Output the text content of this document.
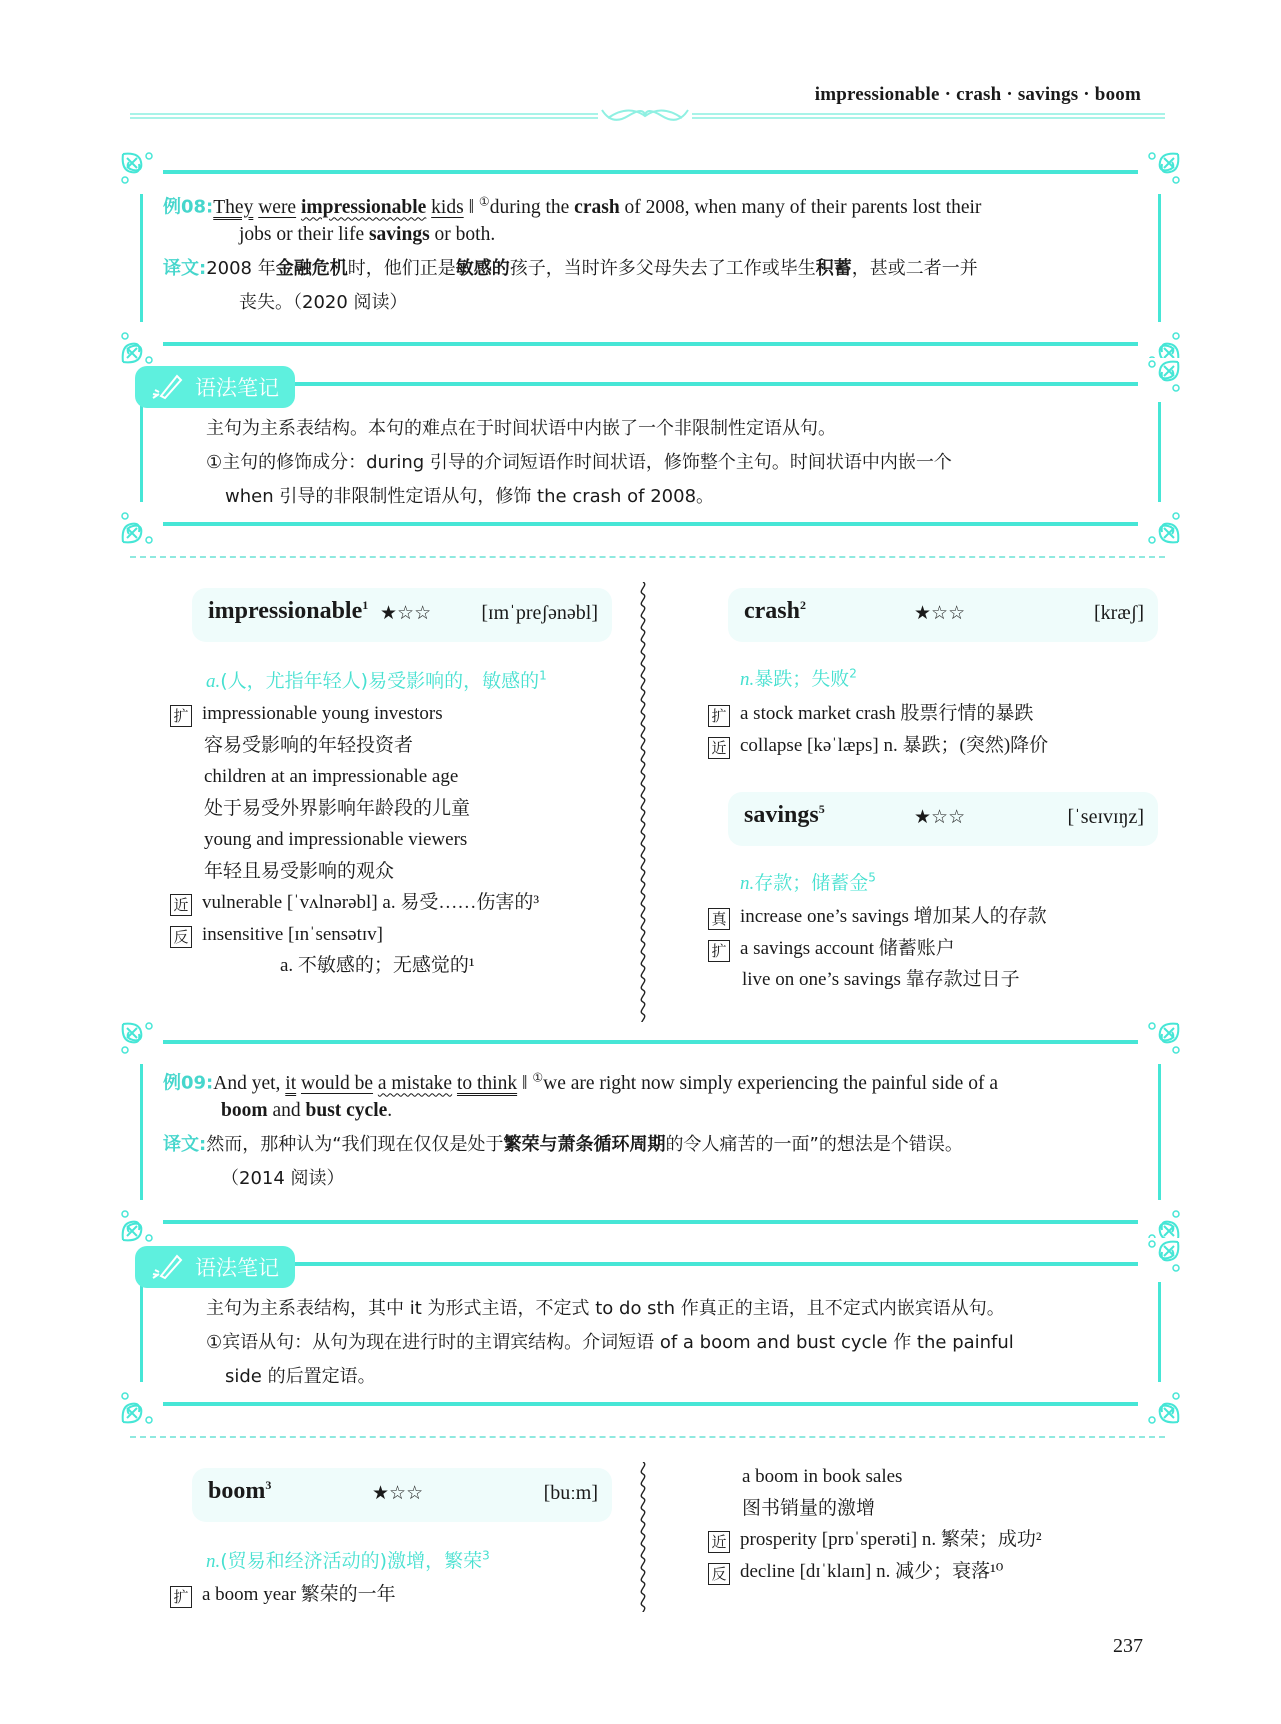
impressionable · crash · savings · boom
例08:They were impressionable kids ‖ ①during the crash of 2008, when many of their parents lost their
jobs or their life savings or both.
译文:2008 年金融危机时，他们正是敏感的孩子，当时许多父母失去了工作或毕生积蓄，甚或二者一并
丧失。（2020 阅读）
语法笔记
主句为主系表结构。本句的难点在于时间状语中内嵌了一个非限制性定语从句。
①主句的修饰成分：during 引导的介词短语作时间状语，修饰整个主句。时间状语中内嵌一个
when 引导的非限制性定语从句，修饰 the crash of 2008。
impressionable$^1$ ★☆☆	[ɪmˈpreʃənəbl]
a.(人，尤指年轻人)易受影响的，敏感的$^1$
扩 impressionable young investors
容易受影响的年轻投资者
children at an impressionable age
处于易受外界影响年龄段的儿童
young and impressionable viewers
年轻且易受影响的观众
近 vulnerable [ˈvʌlnərəbl] a. 易受……伤害的³
反 insensitive [ɪnˈsensətɪv]
a. 不敏感的；无感觉的¹
crash$^2$	★☆☆	[kræʃ]
n.暴跌；失败$^2$
扩 a stock market crash 股票行情的暴跌
近 collapse [kəˈlæps] n. 暴跌；(突然)降价
savings$^5$	★☆☆	[ˈseɪvɪŋz]
n.存款；储蓄金$^5$
真 increase one’s savings 增加某人的存款
扩 a savings account 储蓄账户
live on one’s savings 靠存款过日子
例09:And yet, it would be a mistake to think ‖ ①we are right now simply experiencing the painful side of a
boom and bust cycle.
译文:然而，那种认为“我们现在仅仅是处于繁荣与萧条循环周期的令人痛苦的一面”的想法是个错误。
（2014 阅读）
语法笔记
主句为主系表结构，其中 it 为形式主语，不定式 to do sth 作真正的主语，且不定式内嵌宾语从句。
①宾语从句：从句为现在进行时的主谓宾结构。介词短语 of a boom and bust cycle 作 the painful
side 的后置定语。
boom$^3$	★☆☆	[buːm]
n.(贸易和经济活动的)激增，繁荣$^3$
扩 a boom year 繁荣的一年
a boom in book sales
图书销量的激增
近 prosperity [prɒˈsperəti] n. 繁荣；成功²
反 decline [dɪˈklaɪn] n. 减少；衰落¹⁰
237
